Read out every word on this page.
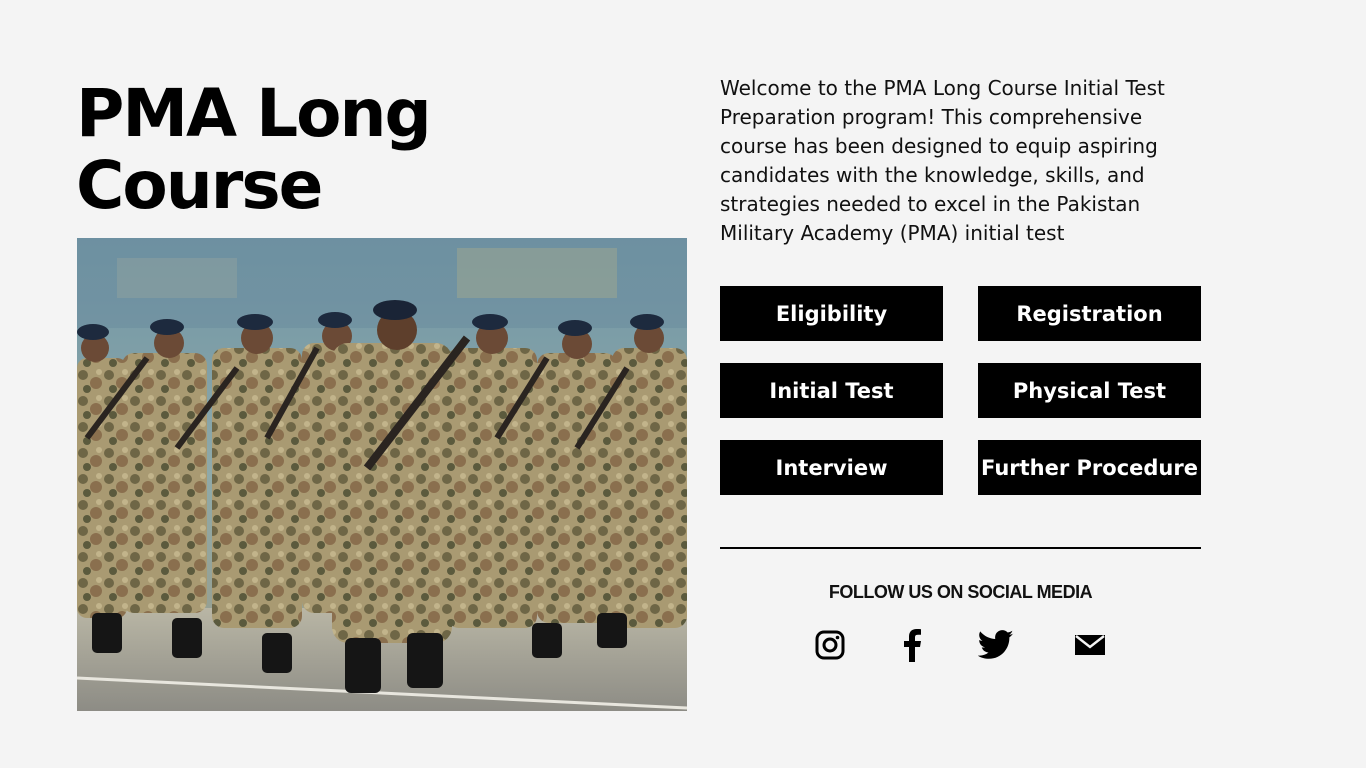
PMA Long
Course

Welcome to the PMA Long Course Initial Test Preparation program! This comprehensive course has been designed to equip aspiring candidates with the knowledge, skills, and strategies needed to excel in the Pakistan Military Academy (PMA) initial test

Eligibility	Registration
Initial Test	Physical Test
Interview	Further Procedure
FOLLOW US ON SOCIAL MEDIA
